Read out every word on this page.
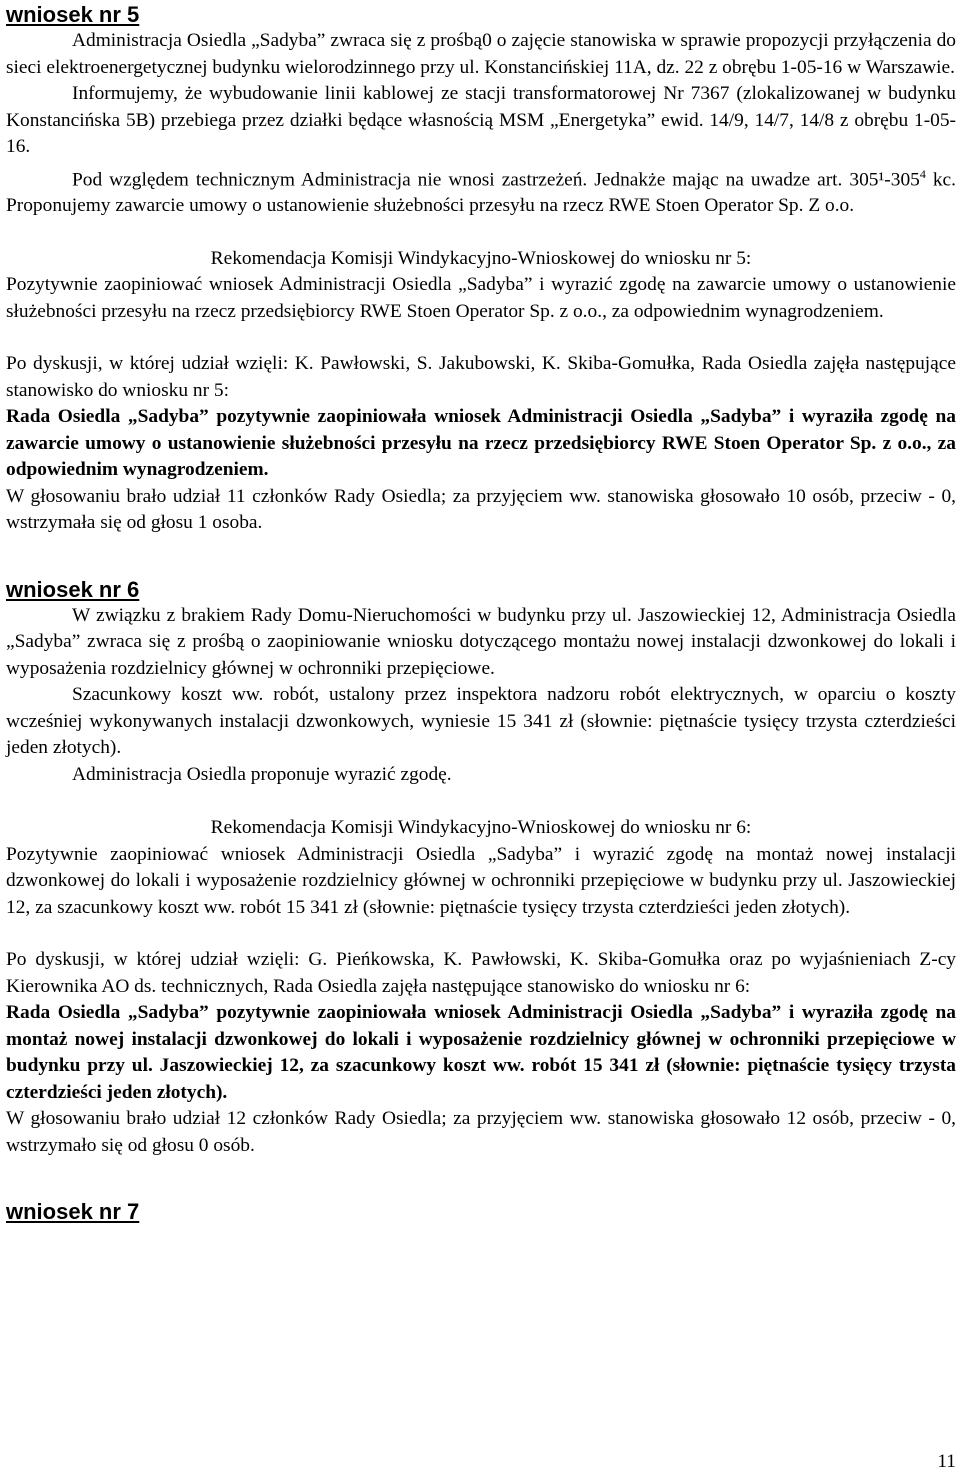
wniosek nr 5

Administracja Osiedla „Sadyba” zwraca się z prośbą0 o zajęcie stanowiska w sprawie propozycji przyłączenia do sieci elektroenergetycznej budynku wielorodzinnego przy ul. Konstancińskiej 11A, dz. 22 z obrębu 1-05-16 w Warszawie.

Informujemy, że wybudowanie linii kablowej ze stacji transformatorowej Nr 7367 (zlokalizowanej w budynku Konstancińska 5B) przebiega przez działki będące własnością MSM „Energetyka” ewid. 14/9, 14/7, 14/8 z obrębu 1-05-16.

Pod względem technicznym Administracja nie wnosi zastrzeżeń. Jednakże mając na uwadze art. $305^1-305^4$ kc. Proponujemy zawarcie umowy o ustanowienie służebności przesyłu na rzecz RWE Stoen Operator Sp. Z o.o.

Rekomendacja Komisji Windykacyjno-Wnioskowej do wniosku nr 5:

Pozytywnie zaopiniować wniosek Administracji Osiedla „Sadyba” i wyrazić zgodę na zawarcie umowy o ustanowienie służebności przesyłu na rzecz przedsiębiorcy RWE Stoen Operator Sp. z o.o., za odpowiednim wynagrodzeniem.

Po dyskusji, w której udział wzięli: K. Pawłowski, S. Jakubowski, K. Skiba-Gomułka, Rada Osiedla zajęła następujące stanowisko do wniosku nr 5:

Rada Osiedla „Sadyba” pozytywnie zaopiniowała wniosek Administracji Osiedla „Sadyba” i wyraziła zgodę na zawarcie umowy o ustanowienie służebności przesyłu na rzecz przedsiębiorcy RWE Stoen Operator Sp. z o.o., za odpowiednim wynagrodzeniem.

W głosowaniu brało udział 11 członków Rady Osiedla; za przyjęciem ww. stanowiska głosowało 10 osób, przeciw - 0, wstrzymała się od głosu 1 osoba.

wniosek nr 6

W związku z brakiem Rady Domu-Nieruchomości w budynku przy ul. Jaszowieckiej 12, Administracja Osiedla „Sadyba” zwraca się z prośbą o zaopiniowanie wniosku dotyczącego montażu nowej instalacji dzwonkowej do lokali i wyposażenia rozdzielnicy głównej w ochronniki przepięciowe.

Szacunkowy koszt ww. robót, ustalony przez inspektora nadzoru robót elektrycznych, w oparciu o koszty wcześniej wykonywanych instalacji dzwonkowych, wyniesie 15 341 zł (słownie: piętnaście tysięcy trzysta czterdzieści jeden złotych).

Administracja Osiedla proponuje wyrazić zgodę.

Rekomendacja Komisji Windykacyjno-Wnioskowej do wniosku nr 6:

Pozytywnie zaopiniować wniosek Administracji Osiedla „Sadyba” i wyrazić zgodę na montaż nowej instalacji dzwonkowej do lokali i wyposażenie rozdzielnicy głównej w ochronniki przepięciowe w budynku przy ul. Jaszowieckiej 12, za szacunkowy koszt ww. robót 15 341 zł (słownie: piętnaście tysięcy trzysta czterdzieści jeden złotych).

Po dyskusji, w której udział wzięli: G. Pieńkowska, K. Pawłowski, K. Skiba-Gomułka oraz po wyjaśnieniach Z-cy Kierownika AO ds. technicznych, Rada Osiedla zajęła następujące stanowisko do wniosku nr 6:

Rada Osiedla „Sadyba” pozytywnie zaopiniowała wniosek Administracji Osiedla „Sadyba” i wyraziła zgodę na montaż nowej instalacji dzwonkowej do lokali i wyposażenie rozdzielnicy głównej w ochronniki przepięciowe w budynku przy ul. Jaszowieckiej 12, za szacunkowy koszt ww. robót 15 341 zł (słownie: piętnaście tysięcy trzysta czterdzieści jeden złotych).

W głosowaniu brało udział 12 członków Rady Osiedla; za przyjęciem ww. stanowiska głosowało 12 osób, przeciw - 0, wstrzymało się od głosu 0 osób.

wniosek nr 7
11
